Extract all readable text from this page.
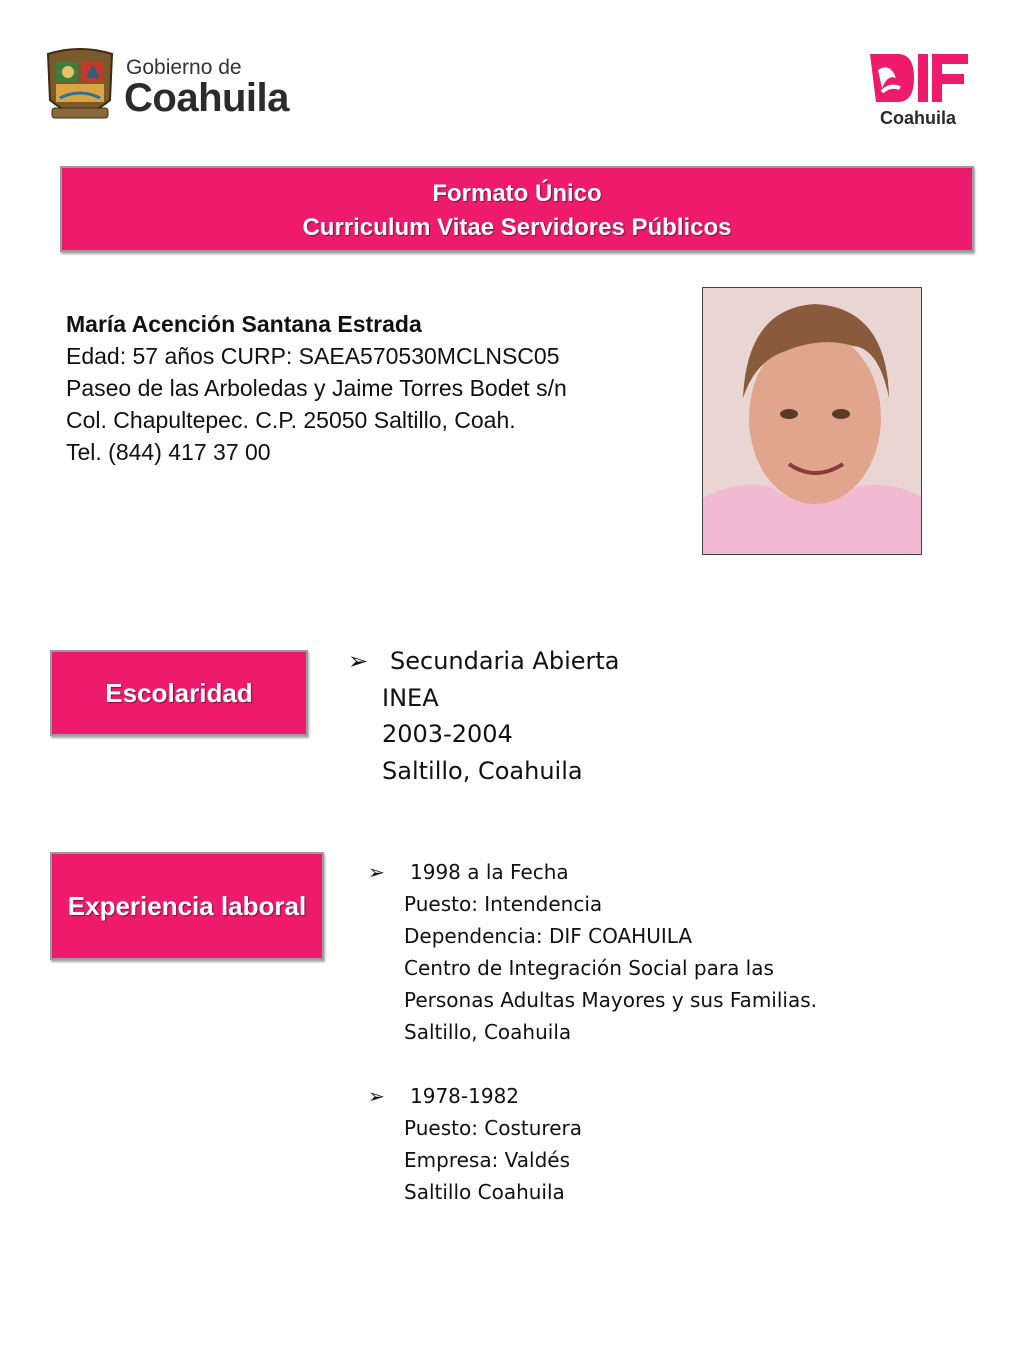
Gobierno de
Coahuila	Coahuila
Formato Único
Curriculum Vitae Servidores Públicos
María Acención Santana Estrada
Edad: 57 años CURP: SAEA570530MCLNSC05
Paseo de las Arboledas y Jaime Torres Bodet s/n
Col. Chapultepec. C.P. 25050 Saltillo, Coah.
Tel. (844) 417 37 00
Escolaridad
➢ Secundaria Abierta
INEA
2003-2004
Saltillo, Coahuila
Experiencia laboral
➢ 1998 a la Fecha
Puesto: Intendencia
Dependencia: DIF COAHUILA
Centro de Integración Social para las
Personas Adultas Mayores y sus Familias.
Saltillo, Coahuila
➢ 1978-1982
Puesto: Costurera
Empresa: Valdés
Saltillo Coahuila
